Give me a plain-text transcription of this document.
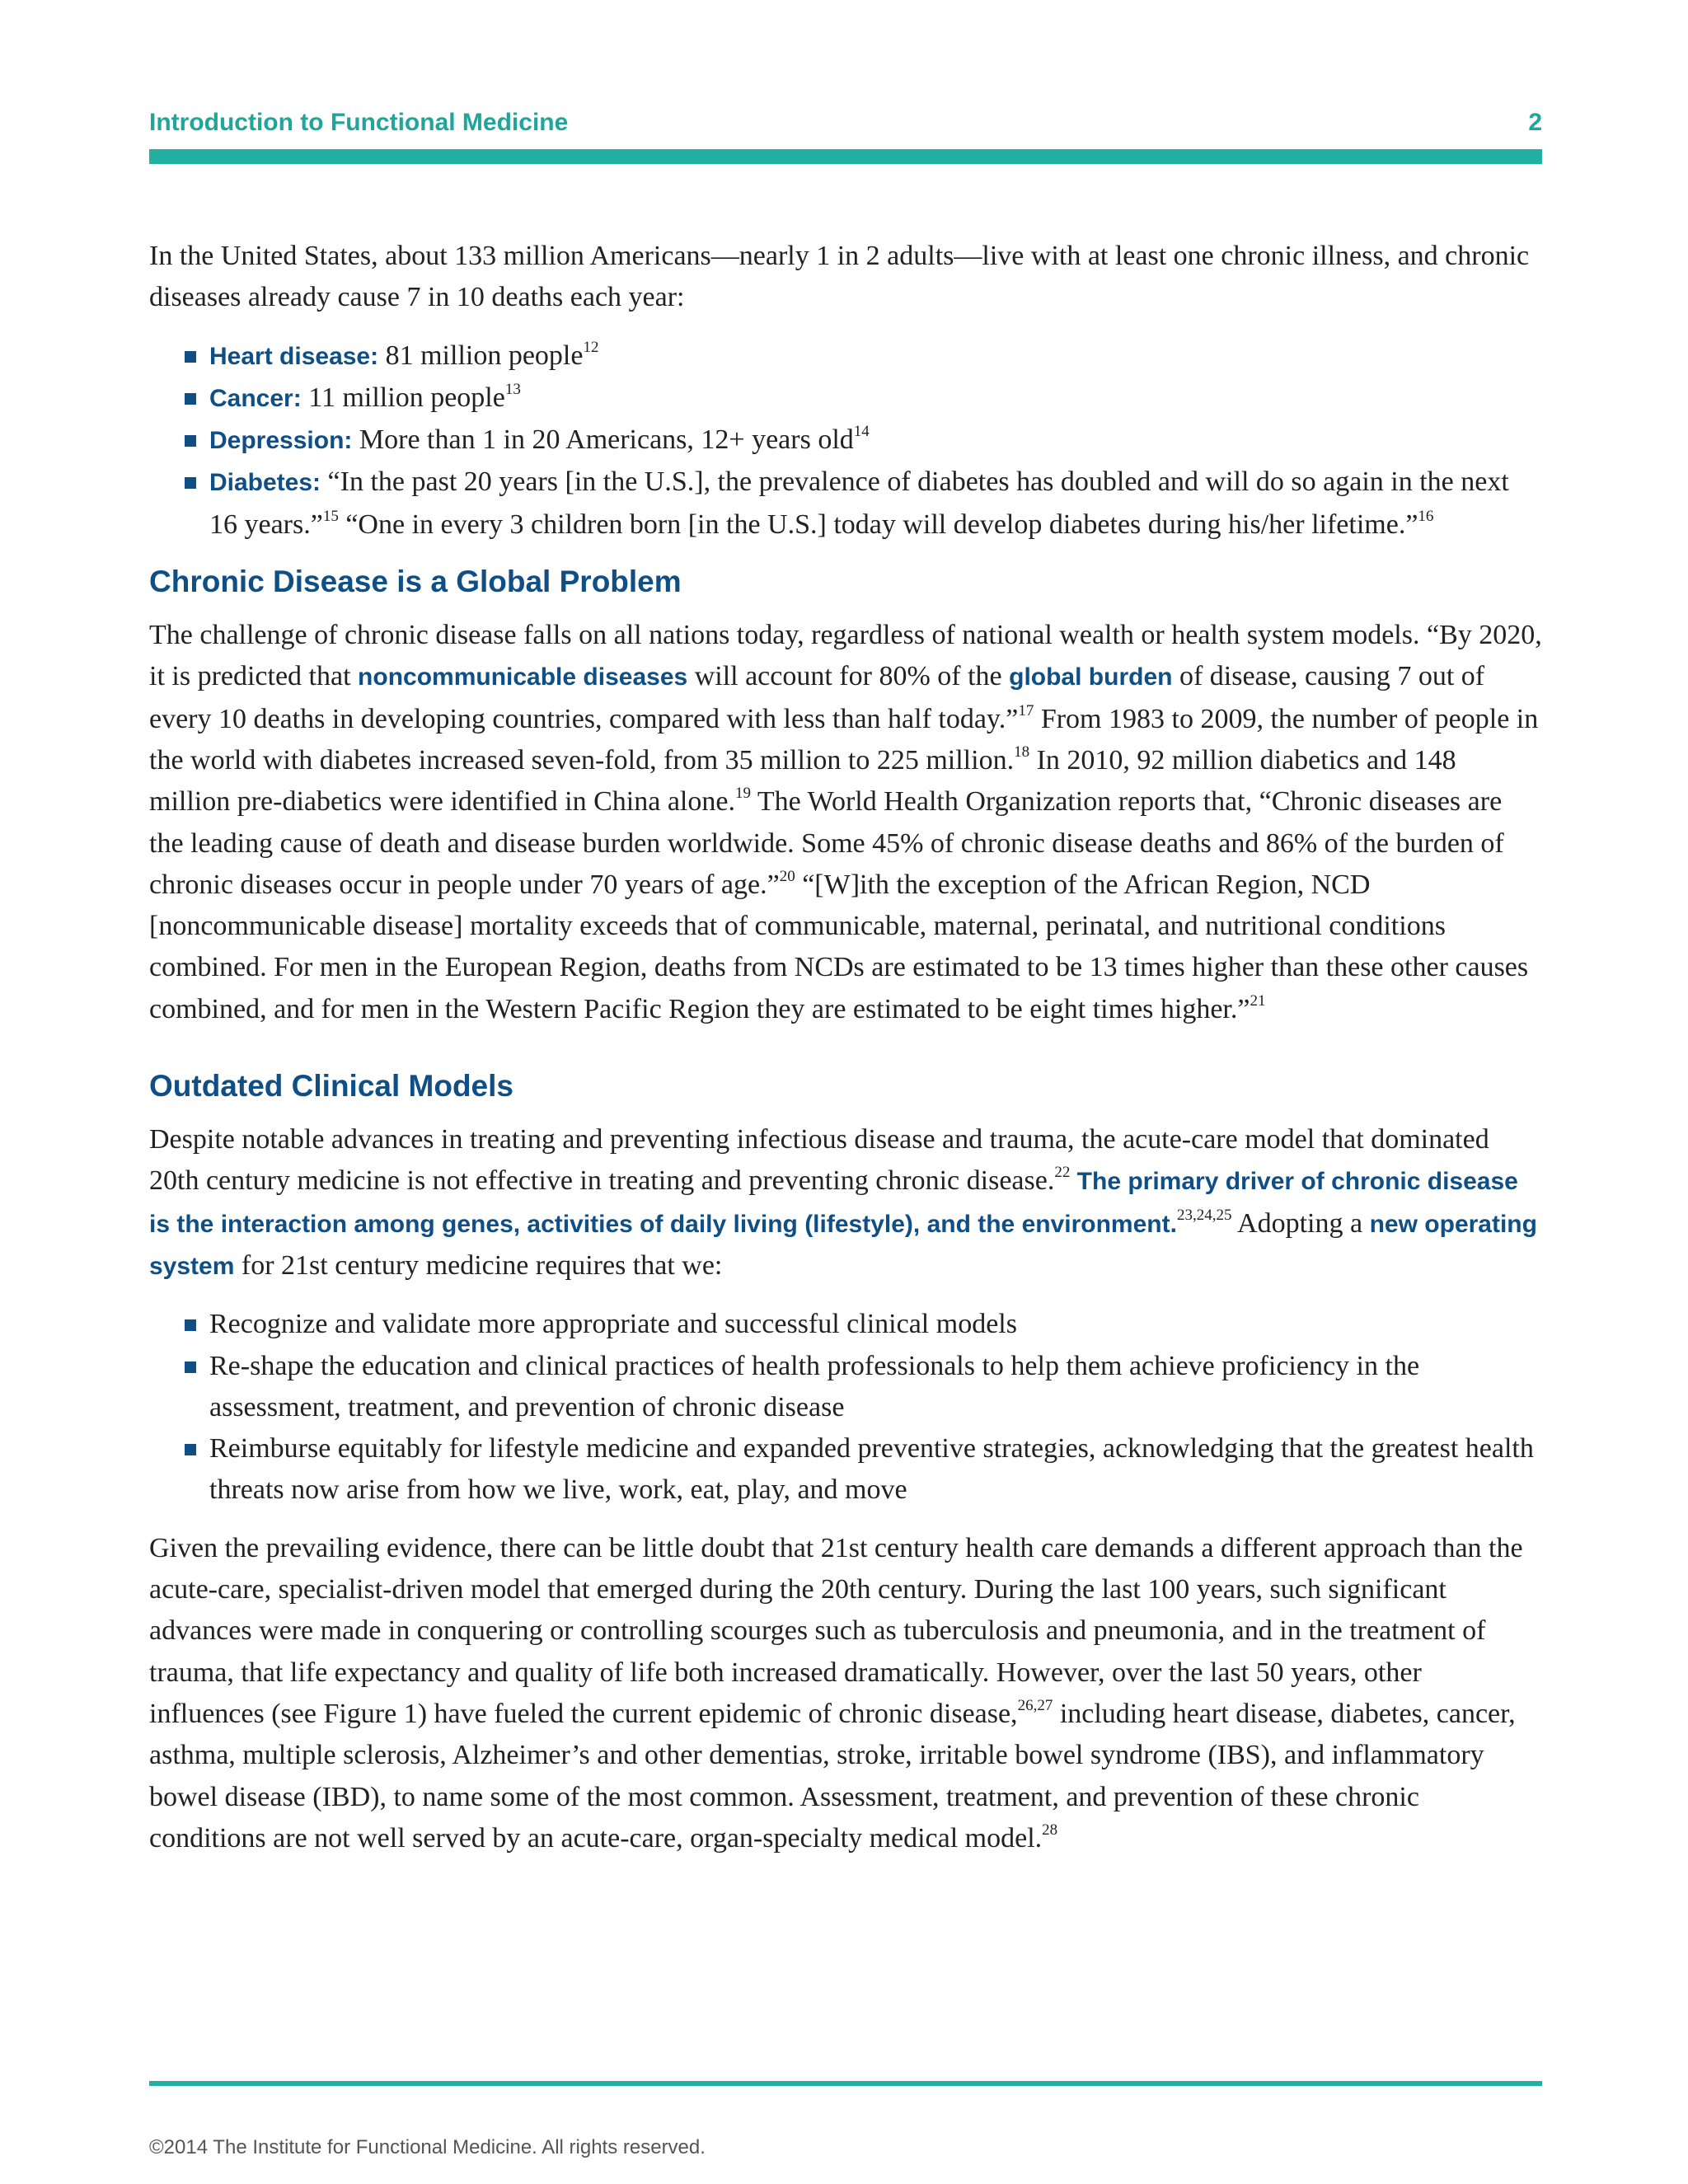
Introduction to Functional Medicine	2

In the United States, about 133 million Americans—nearly 1 in 2 adults—live with at least one chronic illness, and chronic diseases already cause 7 in 10 deaths each year:

Heart disease: 81 million people$^{12}$
Cancer: 11 million people$^{13}$
Depression: More than 1 in 20 Americans, 12+ years old$^{14}$
Diabetes: “In the past 20 years [in the U.S.], the prevalence of diabetes has doubled and will do so again in the next 16 years.”$^{15}$ “One in every 3 children born [in the U.S.] today will develop diabetes during his/her lifetime.”$^{16}$
Chronic Disease is a Global Problem

The challenge of chronic disease falls on all nations today, regardless of national wealth or health system models. “By 2020, it is predicted that noncommunicable diseases will account for 80% of the global burden of disease, causing 7 out of every 10 deaths in developing countries, compared with less than half today.”$^{17}$ From 1983 to 2009, the number of people in the world with diabetes increased seven-fold, from 35 million to 225 million.$^{18}$ In 2010, 92 million diabetics and 148 million pre-diabetics were identified in China alone.$^{19}$ The World Health Organization reports that, “Chronic diseases are the leading cause of death and disease burden worldwide. Some 45% of chronic disease deaths and 86% of the burden of chronic diseases occur in people under 70 years of age.”$^{20}$ “[W]ith the exception of the African Region, NCD [noncommunicable disease] mortality exceeds that of communicable, maternal, perinatal, and nutritional conditions combined. For men in the European Region, deaths from NCDs are estimated to be 13 times higher than these other causes combined, and for men in the Western Pacific Region they are estimated to be eight times higher.”$^{21}$

Outdated Clinical Models

Despite notable advances in treating and preventing infectious disease and trauma, the acute-care model that dominated 20th century medicine is not effective in treating and preventing chronic disease.$^{22}$ The primary driver of chronic disease is the interaction among genes, activities of daily living (lifestyle), and the environment.$^{23,24,25}$ Adopting a new operating system for 21st century medicine requires that we:

Recognize and validate more appropriate and successful clinical models
Re-shape the education and clinical practices of health professionals to help them achieve proficiency in the assessment, treatment, and prevention of chronic disease
Reimburse equitably for lifestyle medicine and expanded preventive strategies, acknowledging that the greatest health threats now arise from how we live, work, eat, play, and move

Given the prevailing evidence, there can be little doubt that 21st century health care demands a different approach than the acute-care, specialist-driven model that emerged during the 20th century. During the last 100 years, such significant advances were made in conquering or controlling scourges such as tuberculosis and pneumonia, and in the treatment of trauma, that life expectancy and quality of life both increased dramatically. However, over the last 50 years, other influences (see Figure 1) have fueled the current epidemic of chronic disease,$^{26,27}$ including heart disease, diabetes, cancer, asthma, multiple sclerosis, Alzheimer’s and other dementias, stroke, irritable bowel syndrome (IBS), and inflammatory bowel disease (IBD), to name some of the most common. Assessment, treatment, and prevention of these chronic conditions are not well served by an acute-care, organ-specialty medical model.$^{28}$

©2014 The Institute for Functional Medicine. All rights reserved.
